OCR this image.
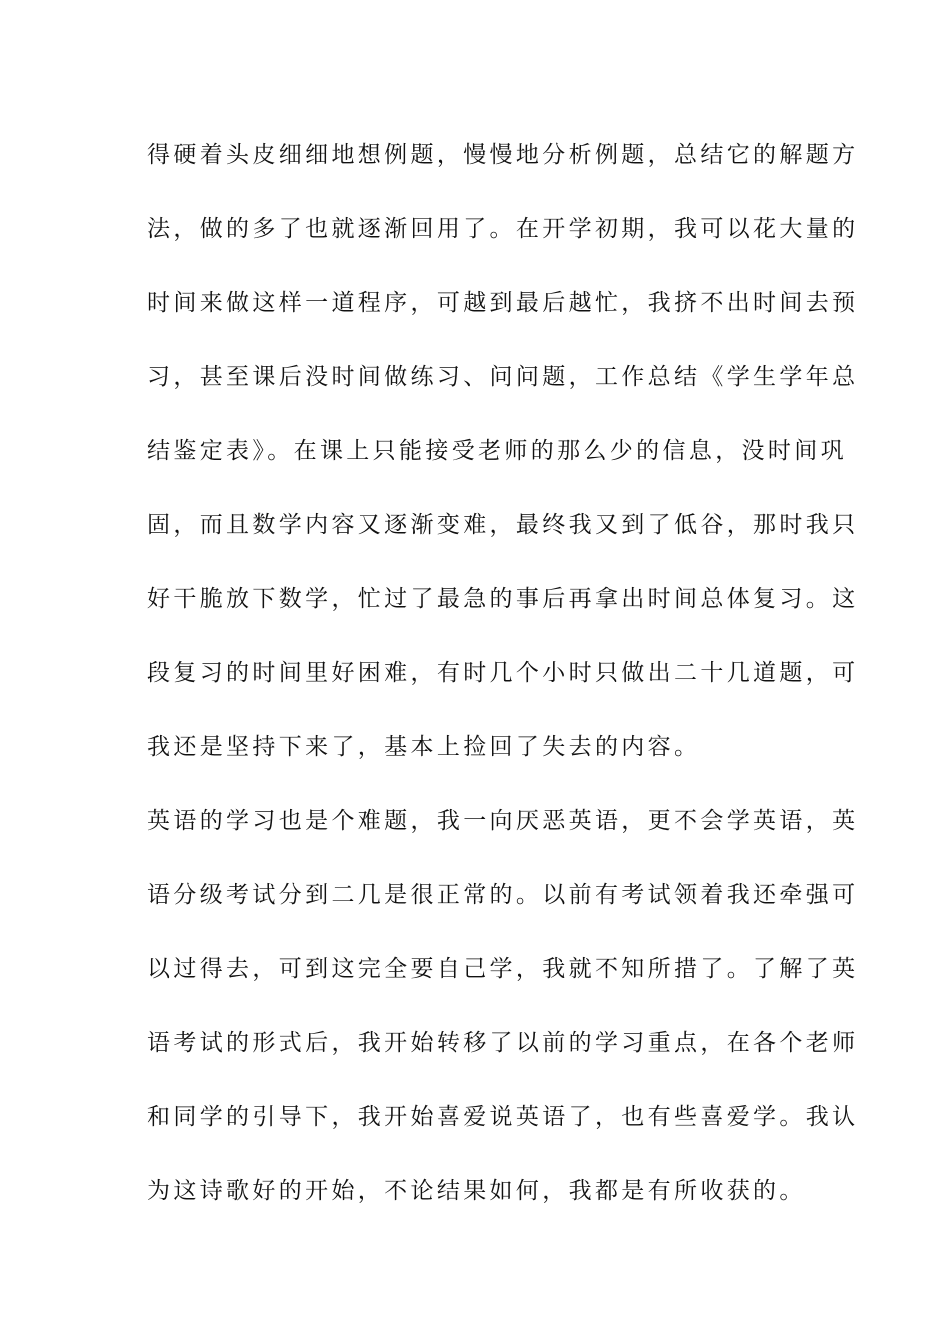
得硬着头皮细细地想例题，慢慢地分析例题，总结它的解题方
法，做的多了也就逐渐回用了。在开学初期，我可以花大量的
时间来做这样一道程序，可越到最后越忙，我挤不出时间去预
习，甚至课后没时间做练习、问问题，工作总结《学生学年总
结鉴定表》。在课上只能接受老师的那么少的信息，没时间巩
固，而且数学内容又逐渐变难，最终我又到了低谷，那时我只
好干脆放下数学，忙过了最急的事后再拿出时间总体复习。这
段复习的时间里好困难，有时几个小时只做出二十几道题，可
我还是坚持下来了，基本上捡回了失去的内容。
英语的学习也是个难题，我一向厌恶英语，更不会学英语，英
语分级考试分到二几是很正常的。以前有考试领着我还牵强可
以过得去，可到这完全要自己学，我就不知所措了。了解了英
语考试的形式后，我开始转移了以前的学习重点，在各个老师
和同学的引导下，我开始喜爱说英语了，也有些喜爱学。我认
为这诗歌好的开始，不论结果如何，我都是有所收获的。
